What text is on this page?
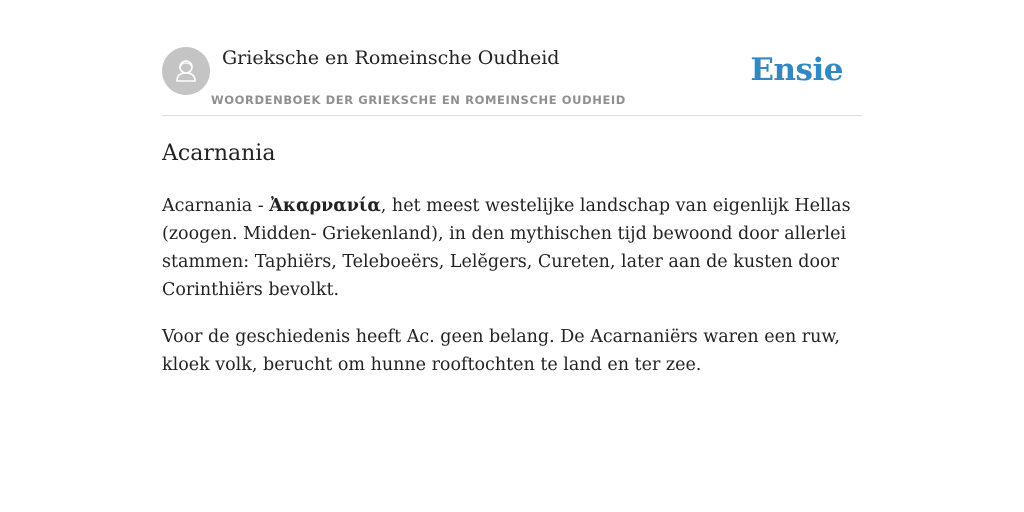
Grieksche en Romeinsche Oudheid
WOORDENBOEK DER GRIEKSCHE EN ROMEINSCHE OUDHEID
Ensie
Acarnania

Acarnania - Ἀκαρνανία, het meest westelijke landschap van eigenlijk Hellas (zoogen. Midden- Griekenland), in den mythischen tijd bewoond door allerlei stammen: Taphiërs, Teleboeërs, Lelĕgers, Cureten, later aan de kusten door Corinthiërs bevolkt.

Voor de geschiedenis heeft Ac. geen belang. De Acarnaniërs waren een ruw, kloek volk, berucht om hunne rooftochten te land en ter zee.
